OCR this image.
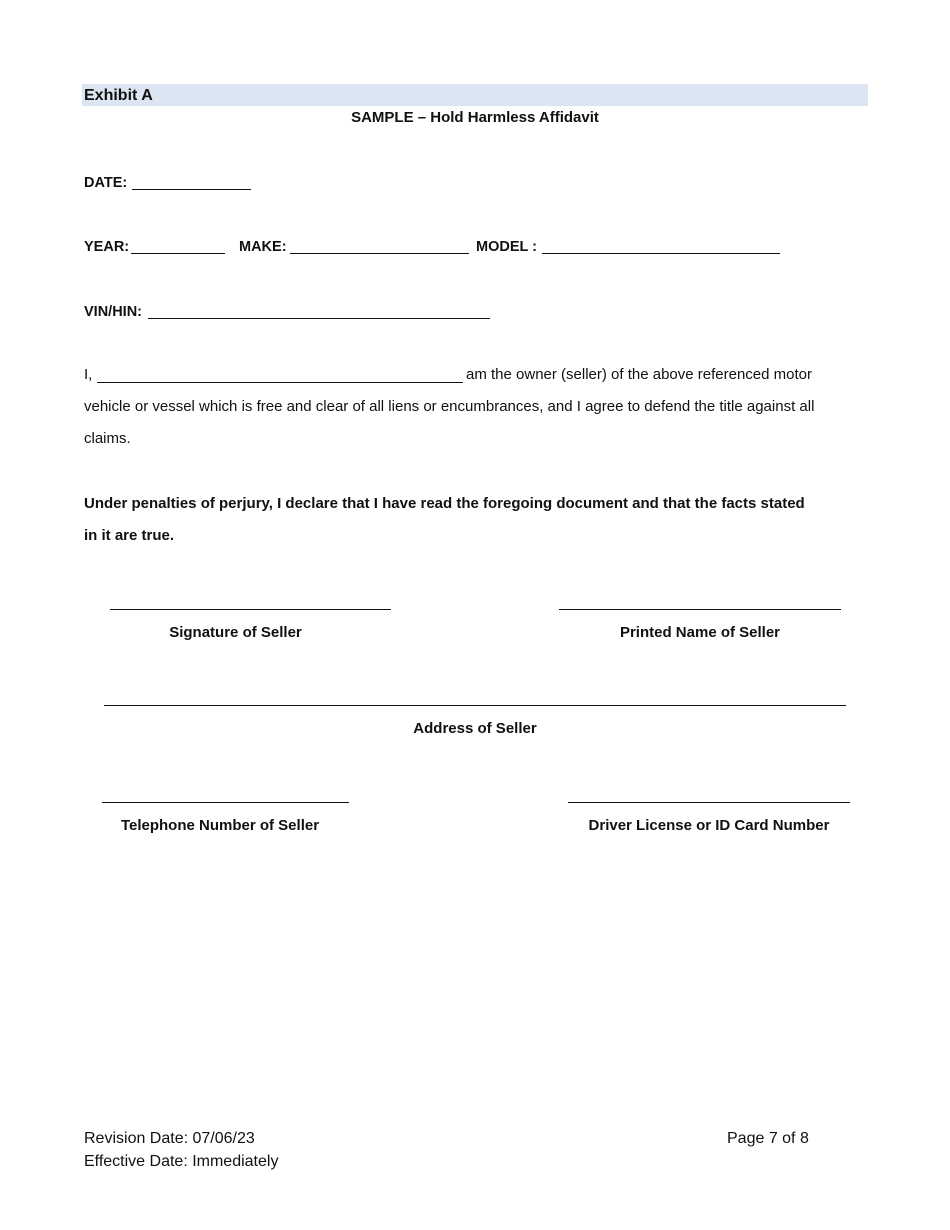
Exhibit A
SAMPLE – Hold Harmless Affidavit
DATE:
YEAR:	MAKE:	MODEL :
VIN/HIN:
I,	am the owner (seller) of the above referenced motor
vehicle or vessel which is free and clear of all liens or encumbrances, and I agree to defend the title against all
claims.
Under penalties of perjury, I declare that I have read the foregoing document and that the facts stated
in it are true.
Signature of Seller	Printed Name of Seller
Address of Seller
Telephone Number of Seller	Driver License or ID Card Number
Revision Date: 07/06/23
Effective Date: Immediately
Page 7 of 8
